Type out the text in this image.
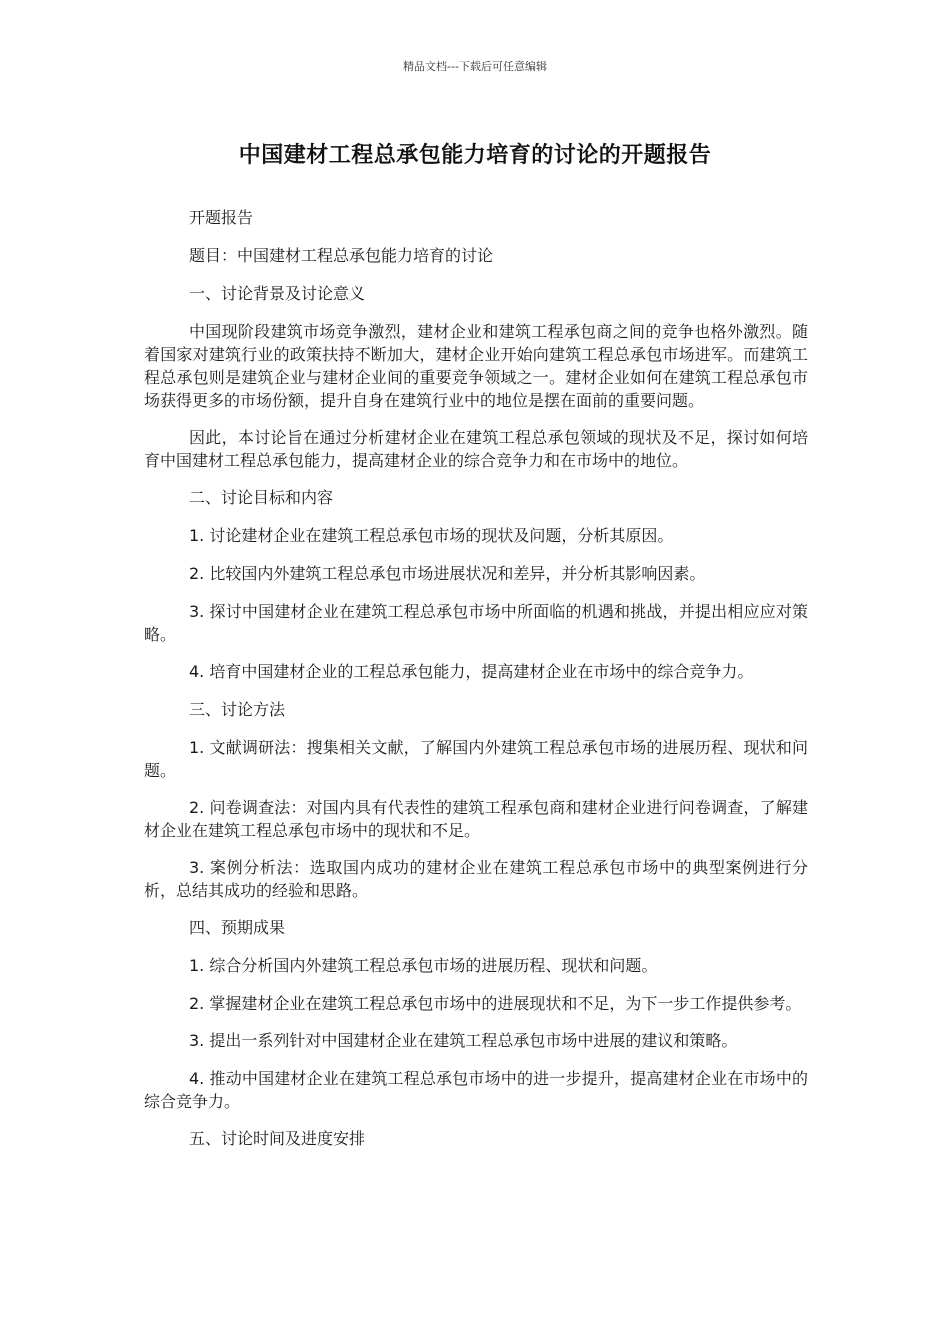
精品文档---下载后可任意编辑
中国建材工程总承包能力培育的讨论的开题报告

开题报告

题目：中国建材工程总承包能力培育的讨论

一、讨论背景及讨论意义

中国现阶段建筑市场竞争激烈，建材企业和建筑工程承包商之间的竞争也格外激烈。随着国家对建筑行业的政策扶持不断加大，建材企业开始向建筑工程总承包市场进军。而建筑工程总承包则是建筑企业与建材企业间的重要竞争领域之一。建材企业如何在建筑工程总承包市场获得更多的市场份额，提升自身在建筑行业中的地位是摆在面前的重要问题。

因此，本讨论旨在通过分析建材企业在建筑工程总承包领域的现状及不足，探讨如何培育中国建材工程总承包能力，提高建材企业的综合竞争力和在市场中的地位。

二、讨论目标和内容

1. 讨论建材企业在建筑工程总承包市场的现状及问题，分析其原因。

2. 比较国内外建筑工程总承包市场进展状况和差异，并分析其影响因素。

3. 探讨中国建材企业在建筑工程总承包市场中所面临的机遇和挑战，并提出相应应对策略。

4. 培育中国建材企业的工程总承包能力，提高建材企业在市场中的综合竞争力。

三、讨论方法

1. 文献调研法：搜集相关文献，了解国内外建筑工程总承包市场的进展历程、现状和问题。

2. 问卷调查法：对国内具有代表性的建筑工程承包商和建材企业进行问卷调查，了解建材企业在建筑工程总承包市场中的现状和不足。

3. 案例分析法：选取国内成功的建材企业在建筑工程总承包市场中的典型案例进行分析，总结其成功的经验和思路。

四、预期成果

1. 综合分析国内外建筑工程总承包市场的进展历程、现状和问题。

2. 掌握建材企业在建筑工程总承包市场中的进展现状和不足，为下一步工作提供参考。

3. 提出一系列针对中国建材企业在建筑工程总承包市场中进展的建议和策略。

4. 推动中国建材企业在建筑工程总承包市场中的进一步提升，提高建材企业在市场中的综合竞争力。

五、讨论时间及进度安排
